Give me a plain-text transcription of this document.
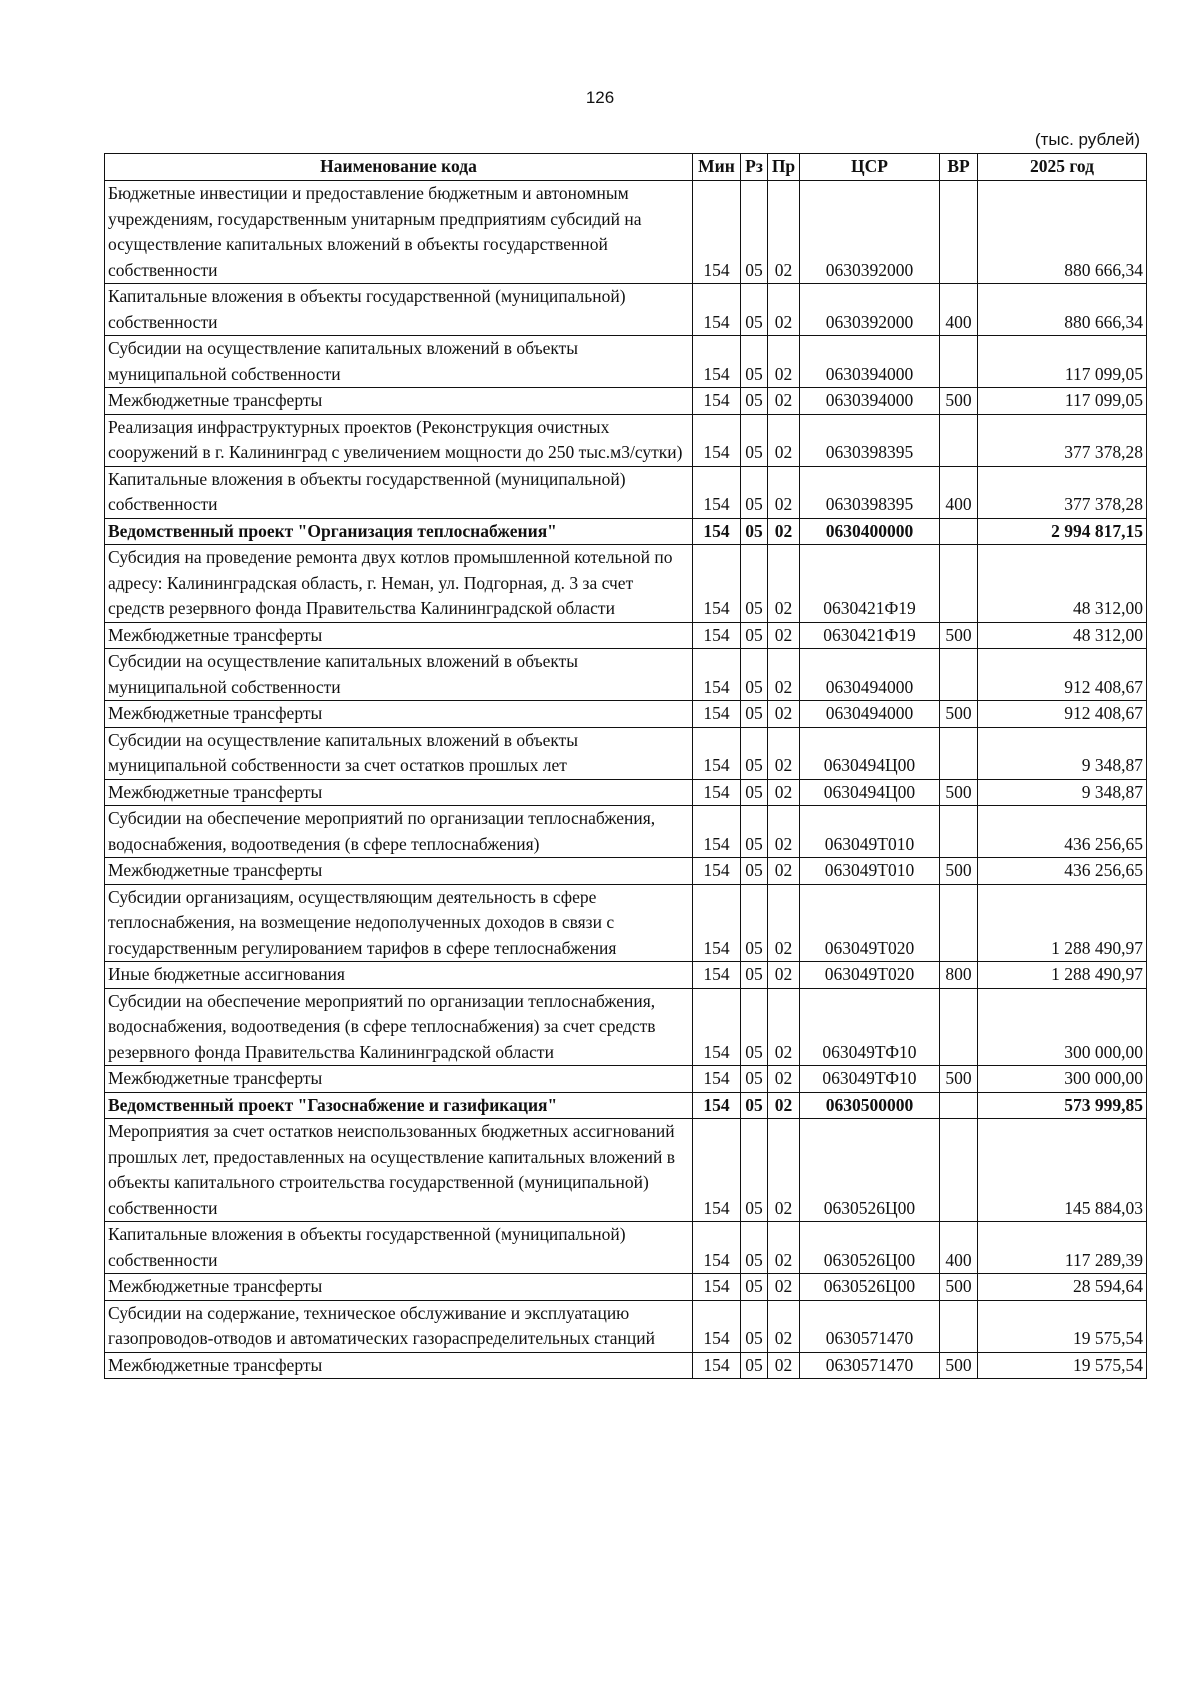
126
(тыс. рублей)
Наименование кода	Мин	Рз	Пр	ЦСР	ВР	2025 год
Бюджетные инвестиции и предоставление бюджетным и автономным учреждениям, государственным унитарным предприятиям субсидий на осуществление капитальных вложений в объекты государственной собственности	154	05	02	0630392000		880 666,34
Капитальные вложения в объекты государственной (муниципальной) собственности	154	05	02	0630392000	400	880 666,34
Субсидии на осуществление капитальных вложений в объекты муниципальной собственности	154	05	02	0630394000		117 099,05
Межбюджетные трансферты	154	05	02	0630394000	500	117 099,05
Реализация инфраструктурных проектов (Реконструкция очистных сооружений в г. Калининград с увеличением мощности до 250 тыс.м3/сутки)	154	05	02	0630398395		377 378,28
Капитальные вложения в объекты государственной (муниципальной) собственности	154	05	02	0630398395	400	377 378,28
Ведомственный проект "Организация теплоснабжения"	154	05	02	0630400000		2 994 817,15
Субсидия на проведение ремонта двух котлов промышленной котельной по адресу: Калининградская область, г. Неман, ул. Подгорная, д. 3 за счет средств резервного фонда Правительства Калининградской области	154	05	02	0630421Ф19		48 312,00
Межбюджетные трансферты	154	05	02	0630421Ф19	500	48 312,00
Субсидии на осуществление капитальных вложений в объекты муниципальной собственности	154	05	02	0630494000		912 408,67
Межбюджетные трансферты	154	05	02	0630494000	500	912 408,67
Субсидии на осуществление капитальных вложений в объекты муниципальной собственности за счет остатков прошлых лет	154	05	02	0630494Ц00		9 348,87
Межбюджетные трансферты	154	05	02	0630494Ц00	500	9 348,87
Субсидии на обеспечение мероприятий по организации теплоснабжения, водоснабжения, водоотведения (в сфере теплоснабжения)	154	05	02	063049Т010		436 256,65
Межбюджетные трансферты	154	05	02	063049Т010	500	436 256,65
Субсидии организациям, осуществляющим деятельность в сфере теплоснабжения, на возмещение недополученных доходов в связи с государственным регулированием тарифов в сфере теплоснабжения	154	05	02	063049Т020		1 288 490,97
Иные бюджетные ассигнования	154	05	02	063049Т020	800	1 288 490,97
Субсидии на обеспечение мероприятий по организации теплоснабжения, водоснабжения, водоотведения (в сфере теплоснабжения) за счет средств резервного фонда Правительства Калининградской области	154	05	02	063049ТФ10		300 000,00
Межбюджетные трансферты	154	05	02	063049ТФ10	500	300 000,00
Ведомственный проект "Газоснабжение и газификация"	154	05	02	0630500000		573 999,85
Мероприятия за счет остатков неиспользованных бюджетных ассигнований прошлых лет, предоставленных на осуществление капитальных вложений в объекты капитального строительства государственной (муниципальной) собственности	154	05	02	0630526Ц00		145 884,03
Капитальные вложения в объекты государственной (муниципальной) собственности	154	05	02	0630526Ц00	400	117 289,39
Межбюджетные трансферты	154	05	02	0630526Ц00	500	28 594,64
Субсидии на содержание, техническое обслуживание и эксплуатацию газопроводов-отводов и автоматических газораспределительных станций	154	05	02	0630571470		19 575,54
Межбюджетные трансферты	154	05	02	0630571470	500	19 575,54
